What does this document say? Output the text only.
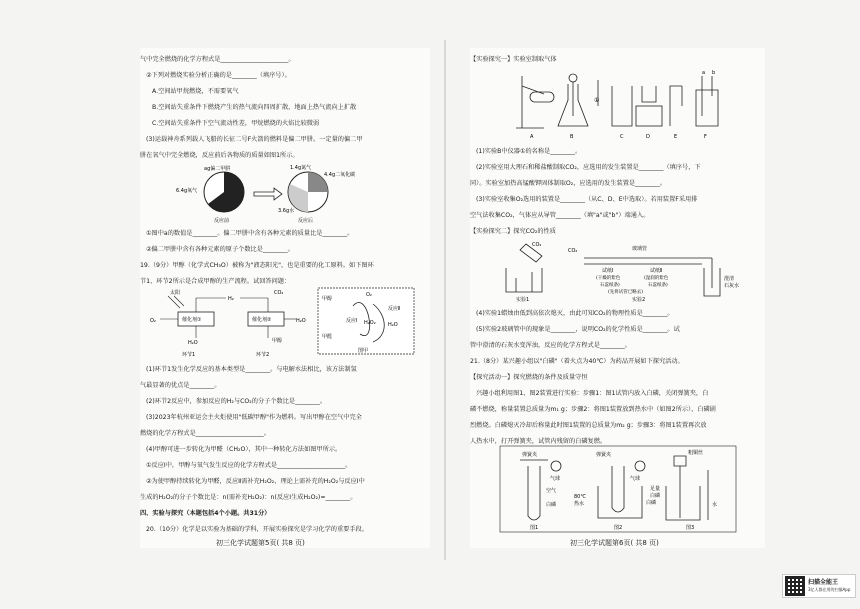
气中完全燃烧的化学方程式是______________________。
②下列对燃烧实验分析正确的是________（填序号）。
A.空间站甲烷燃烧，不需要氧气
B.空间站失重条件下燃烧产生的热气流向四周扩散，地面上热气流向上扩散
C.空间站失重条件下空气流动性差，甲烷燃烧的火焰比较微弱
(3)运载神舟系列载人飞船的长征二号F火箭的燃料是偏二甲肼。一定量的偏二甲
肼在氧气中完全燃烧，反应前后各物质的质量如图1所示。
ag偏二甲肼
6.4g氧气
反应前
1.4g氮气
4.4g二氧化碳
3.6g水
反应后
①图中a的数值是________。偏二甲肼中含有各种元素的质量比是________。
②偏二甲肼中含有各种元素的原子个数比是________。
19.（9分）甲醇（化学式CH₃O）被称为"液态阳光"，也是重要的化工原料。如下图环
节1、环节2所示是合成甲醇的生产流程。试回答问题：
太阳
催化剂①
O₂
H₂O
H₂
CO₂
催化剂②	H₂O
甲醇
环节1	环节2
甲醇
甲醛
反应Ⅰ
反应Ⅱ
O₂
H₂O
H₂O₂
图甲
(1)环节1发生化学反应的基本类型是________。与电解水法相比，该方法制氢
气最显著的优点是________。
(2)环节2反应中，参加反应的H₂与CO₂的分子个数比是________。
(3)2023年杭州亚运会主火炬使用"低碳甲醇"作为燃料。写出甲醇在空气中完全
燃烧的化学方程式是______________________。
(4)甲醇可进一步转化为甲醛（CH₂O），其中一种转化方法如图甲所示。
①反应Ⅰ中，甲醇与氧气发生反应的化学方程式是______________________。
②为使甲醇持续转化为甲醛，反应Ⅱ需补充H₂O₂，理论上需补充的H₂O₂与反应Ⅰ中
生成的H₂O₂的分子个数比是：n(需补充H₂O₂)：n(反应Ⅰ生成H₂O₂)=________。
四、实验与探究（本题包括4个小题。共31分）
20.（10分）化学是以实验为基础的学科，开展实验探究是学习化学的重要手段。
初三化学试题第5页( 共8 页)
【实验探究一】实验室制取气体
①
a b
A	B	C	D	E	F
(1)实验B中仪器①的名称是________。
(2)实验室用大理石和稀盐酸制取CO₂，应选用的发生装置是________（填序号，下
同）。实验室加热高锰酸钾固体制取O₂，应选用的发生装置是________。
(3)实验室收集O₂选用的装置是________（从C、D、E中选取）。若用装置F采用排
空气法收集CO₂，气体应从导管________（填"a"或"b"）端通入。
【实验探究二】探究CO₂的性质
CO₂
CO₂	玻璃管
试纸Ⅰ	试纸Ⅱ
(干燥的紫色	(湿润的紫色
石蕊纸条)	石蕊纸条)
(先将试管已略去)
澄清
石灰水
实验1	实验2
(4)实验1蜡烛由低到高依次熄灭，由此可知CO₂的物理性质是________。
(5)实验2玻璃管中的现象是________，说明CO₂的化学性质是________。试
管中澄清的石灰水变浑浊，反应的化学方程式是________。
21.（8分）某兴趣小组以"白磷"（着火点为40℃）为药品开展如下探究活动。
【探究活动一】探究燃烧的条件及质量守恒
兴趣小组利用图1、图2装置进行实验：步骤1：图1试管内放入白磷，关闭弹簧夹，白
磷不燃烧，称量装置总质量为m₁ g；步骤2：将图1装置放到热水中（如图2所示），白磷剧
烈燃烧。白磷熄灭冷却后称量此时图1装置的总质量为m₂ g；步骤3：将图1装置再次放
人热水中，打开弹簧夹，试管内残留的白磷复燃。
弹簧夹	弹簧夹
气球	气球
空气
白磷
80℃
热水	白磷
粗铜丝
足量
白磷
水
图1	图2	图3
初三化学试题第6页( 共8 页)
扫描全能王
3亿人都在用的扫描App
